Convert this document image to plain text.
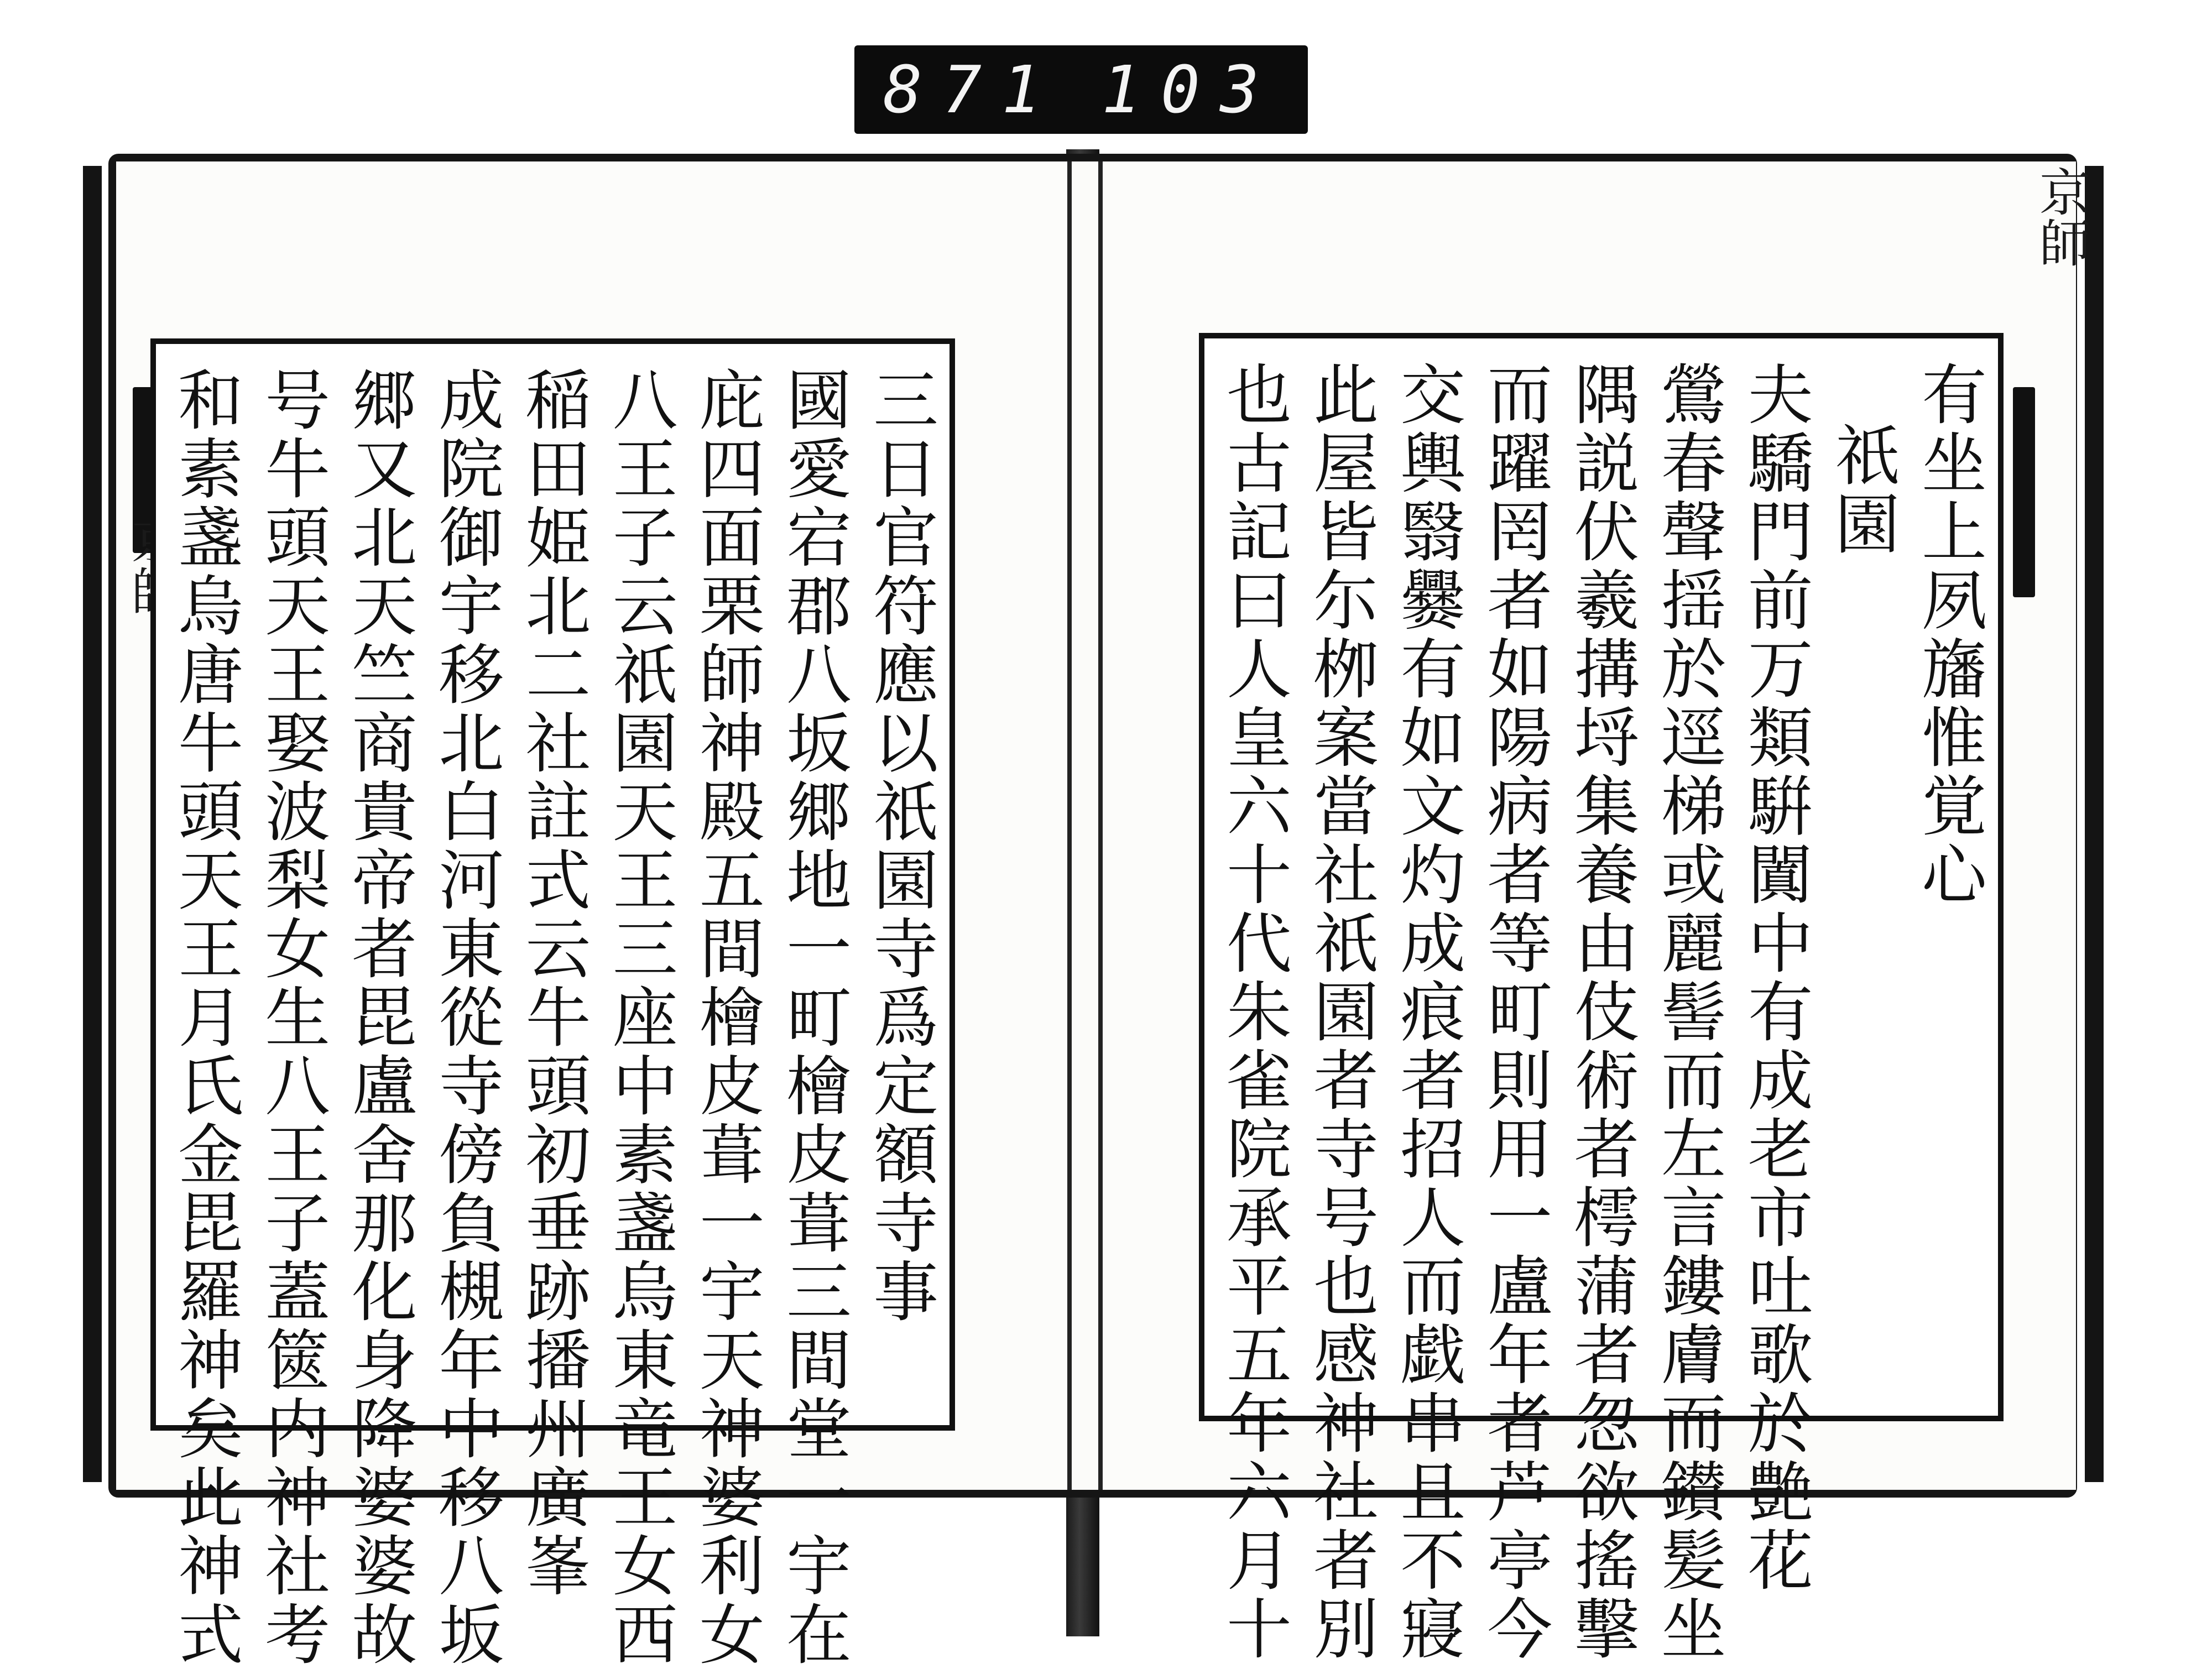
871 103
京師
三日官符應以祇園寺爲定額寺事
國愛宕郡八坂郷地一町檜皮葺三間堂一宇在
庇四面栗師神殿五間檜皮葺一宇天神婆利女
八王子云祇園天王三座中素盞烏東竜王女西
稲田姫北二社註式云牛頭初垂跡播州廣峯
成院御宇移北白河東從寺傍負槻年中移八坂
郷又北天竺商貴帝者毘盧舍那化身降婆婆故
号牛頭天王娶波梨女生八王子蓋篋内神社考
和素盞烏唐牛頭天王月氏金毘羅神矣此神式	有坐上夙旛惟覚心
祇園
夫驕門前万類騈闐中有成老市吐歌於艶花
鶯春聲揺於逕梯或麗髻而左言鏤膚而鑚髪坐
隅説伏羲搆埒集養由伎術者樗蒲者忽欲搖擊
而躍罔者如陽病者等町則用一盧年者芦亭今
交輿翳爨有如文灼成痕者招人而戯串且不寢
此屋皆尓栁案當社祇園者寺号也感神社者別
也古記曰人皇六十代朱雀院承平五年六月十
